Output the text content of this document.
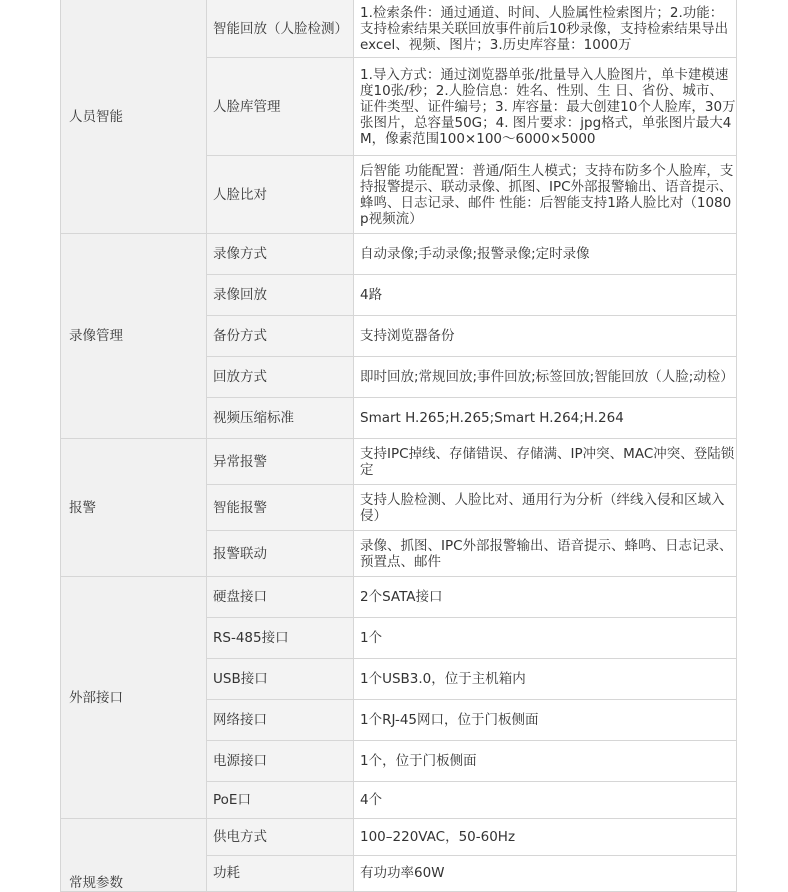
人员智能	智能回放（人脸检测）	1.检索条件：通过通道、时间、人脸属性检索图片；2.功能：支持检索结果关联回放事件前后10秒录像，支持检索结果导出excel、视频、图片；3.历史库容量：1000万
	人脸库管理	1.导入方式：通过浏览器单张/批量导入人脸图片，单卡建模速度10张/秒；2.人脸信息：姓名、性别、生 日、省份、城市、证件类型、证件编号；3. 库容量：最大创建10个人脸库，30万张图片，总容量50G；4. 图片要求：jpg格式，单张图片最大4M，像素范围100×100～6000×5000
	人脸比对	后智能 功能配置：普通/陌生人模式；支持布防多个人脸库，支持报警提示、联动录像、抓图、IPC外部报警输出、语音提示、蜂鸣、日志记录、邮件 性能：后智能支持1路人脸比对（1080p视频流）
录像管理	录像方式	自动录像;手动录像;报警录像;定时录像
	录像回放	4路
	备份方式	支持浏览器备份
	回放方式	即时回放;常规回放;事件回放;标签回放;智能回放（人脸;动检）
	视频压缩标准	Smart H.265;H.265;Smart H.264;H.264
报警	异常报警	支持IPC掉线、存储错误、存储满、IP冲突、MAC冲突、登陆锁定
	智能报警	支持人脸检测、人脸比对、通用行为分析（绊线入侵和区域入侵）
	报警联动	录像、抓图、IPC外部报警输出、语音提示、蜂鸣、日志记录、预置点、邮件
外部接口	硬盘接口	2个SATA接口
	RS-485接口	1个
	USB接口	1个USB3.0，位于主机箱内
	网络接口	1个RJ-45网口，位于门板侧面
	电源接口	1个，位于门板侧面
	PoE口	4个
常规参数	供电方式	100–220VAC，50-60Hz
	功耗	有功功率60W
